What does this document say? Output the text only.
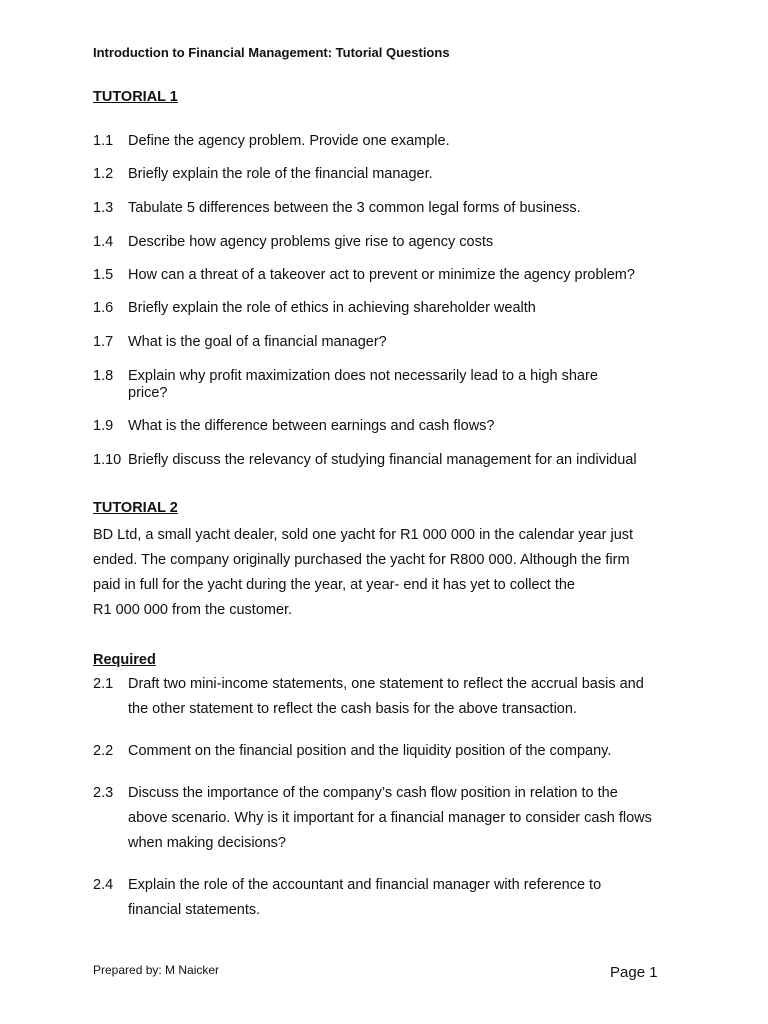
Introduction to Financial Management: Tutorial Questions
TUTORIAL 1
1.1 Define the agency problem. Provide one example.
1.2 Briefly explain the role of the financial manager.
1.3 Tabulate 5 differences between the 3 common legal forms of business.
1.4 Describe how agency problems give rise to agency costs
1.5 How can a threat of a takeover act to prevent or minimize the agency problem?
1.6 Briefly explain the role of ethics in achieving shareholder wealth
1.7 What is the goal of a financial manager?
1.8 Explain why profit maximization does not necessarily lead to a high share price?
1.9 What is the difference between earnings and cash flows?
1.10 Briefly discuss the relevancy of studying financial management for an individual
TUTORIAL 2
BD Ltd, a small yacht dealer, sold one yacht for R1 000 000 in the calendar year just
ended. The company originally purchased the yacht for R800 000. Although the firm
paid in full for the yacht during the year, at year- end it has yet to collect the
R1 000 000 from the customer.
Required
2.1 Draft two mini-income statements, one statement to reflect the accrual basis and the other statement to reflect the cash basis for the above transaction.
2.2 Comment on the financial position and the liquidity position of the company.
2.3 Discuss the importance of the company’s cash flow position in relation to the above scenario. Why is it important for a financial manager to consider cash flows when making decisions?
2.4 Explain the role of the accountant and financial manager with reference to financial statements.
Prepared by: M Naicker	Page 1
